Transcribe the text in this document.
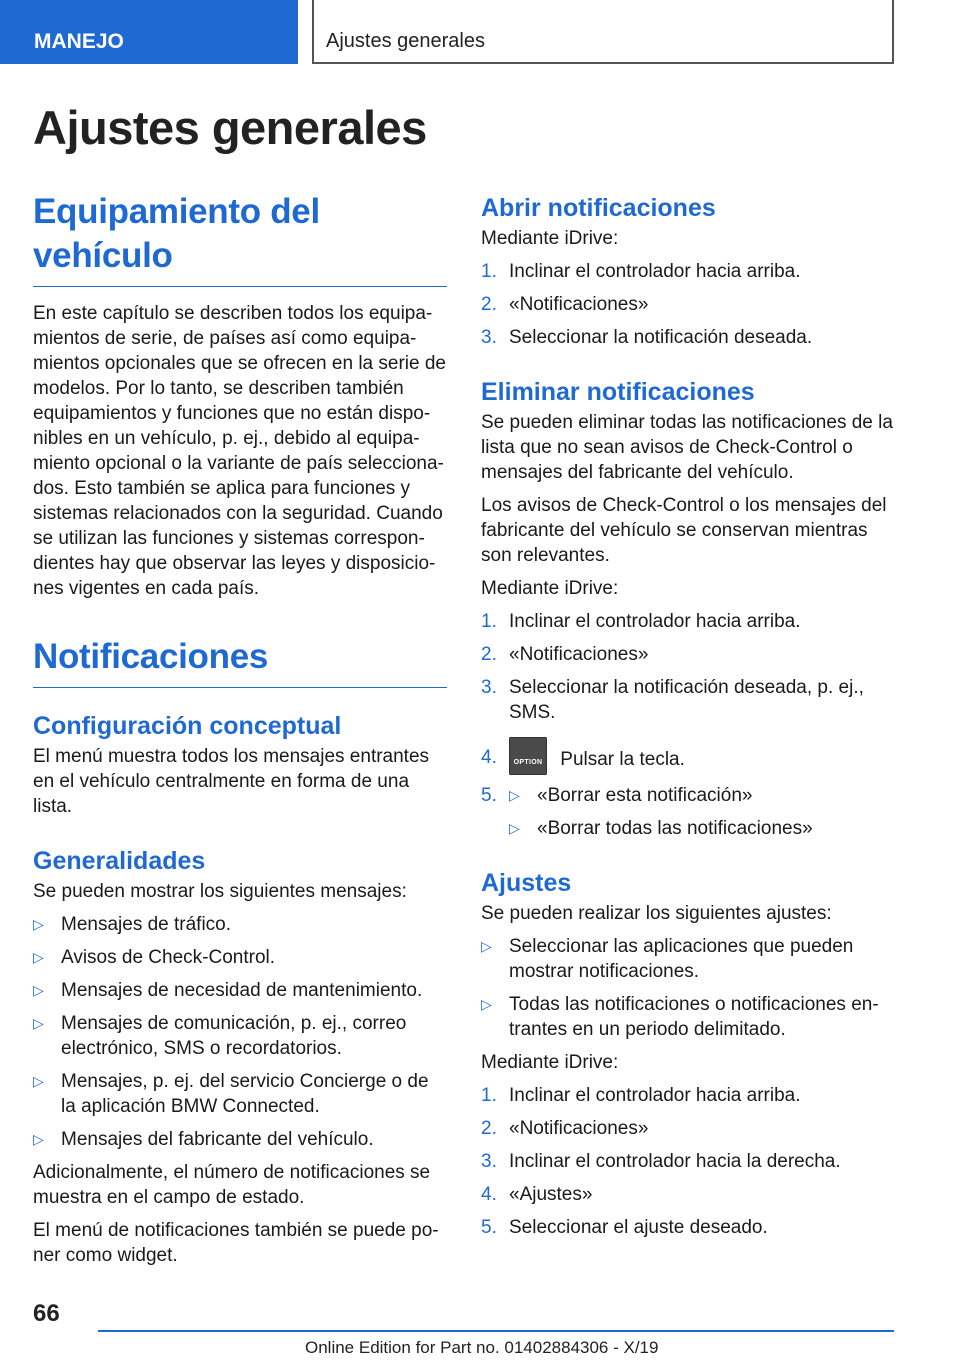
MANEJO	Ajustes generales
Ajustes generales
Equipamiento del vehículo

En este capítulo se describen todos los equipa-mientos de serie, de países así como equipa-mientos opcionales que se ofrecen en la serie de modelos. Por lo tanto, se describen también equipamientos y funciones que no están dispo-nibles en un vehículo, p. ej., debido al equipa-miento opcional o la variante de país selecciona-dos. Esto también se aplica para funciones y sistemas relacionados con la seguridad. Cuando se utilizan las funciones y sistemas correspon-dientes hay que observar las leyes y disposicio-nes vigentes en cada país.

Notificaciones
Configuración conceptual

El menú muestra todos los mensajes entrantes en el vehículo centralmente en forma de una lista.

Generalidades

Se pueden mostrar los siguientes mensajes:

▷ Mensajes de tráfico.
▷ Avisos de Check-Control.
▷ Mensajes de necesidad de mantenimiento.
▷ Mensajes de comunicación, p. ej., correo electrónico, SMS o recordatorios.
▷ Mensajes, p. ej. del servicio Concierge o de la aplicación BMW Connected.
▷ Mensajes del fabricante del vehículo.

Adicionalmente, el número de notificaciones se muestra en el campo de estado.

El menú de notificaciones también se puede po-ner como widget.

Abrir notificaciones

Mediante iDrive:

1. Inclinar el controlador hacia arriba.
2. «Notificaciones»
3. Seleccionar la notificación deseada.
Eliminar notificaciones

Se pueden eliminar todas las notificaciones de la lista que no sean avisos de Check-Control o mensajes del fabricante del vehículo.

Los avisos de Check-Control o los mensajes del fabricante del vehículo se conservan mientras son relevantes.

Mediante iDrive:

1. Inclinar el controlador hacia arriba.
2. «Notificaciones»
3. Seleccionar la notificación deseada, p. ej., SMS.
4.	OPTION Pulsar la tecla.
5. ▷ «Borrar esta notificación»
▷ «Borrar todas las notificaciones»
Ajustes

Se pueden realizar los siguientes ajustes:

▷ Seleccionar las aplicaciones que pueden mostrar notificaciones.
▷ Todas las notificaciones o notificaciones en-trantes en un periodo delimitado.

Mediante iDrive:

1. Inclinar el controlador hacia arriba.
2. «Notificaciones»
3. Inclinar el controlador hacia la derecha.
4. «Ajustes»
5. Seleccionar el ajuste deseado.
66
Online Edition for Part no. 01402884306 - X/19
